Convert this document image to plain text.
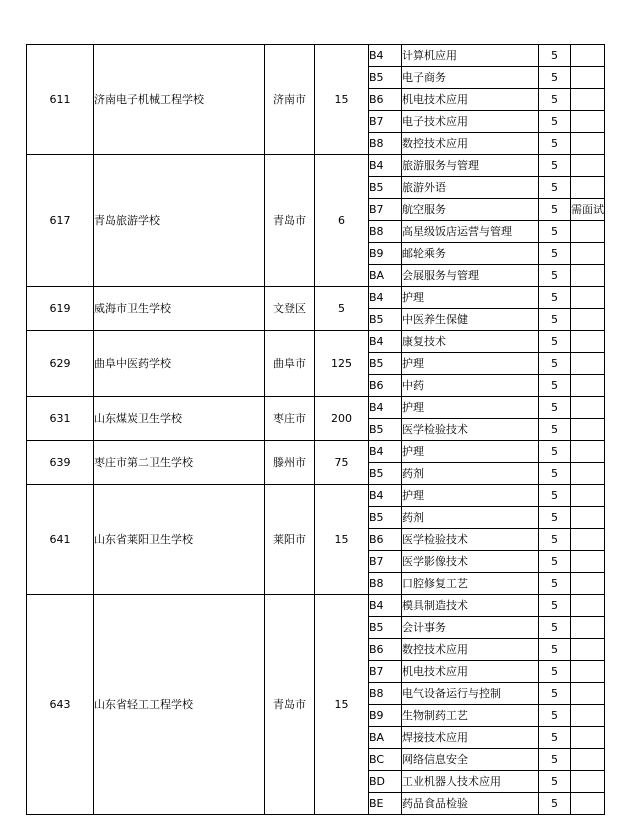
611	济南电子机械工程学校	济南市	15	B4	计算机应用	5	
				B5	电子商务	5	
				B6	机电技术应用	5	
				B7	电子技术应用	5	
				B8	数控技术应用	5	
617	青岛旅游学校	青岛市	6	B4	旅游服务与管理	5	
				B5	旅游外语	5	
				B7	航空服务	5	需面试
				B8	高星级饭店运营与管理	5	
				B9	邮轮乘务	5	
				BA	会展服务与管理	5	
619	威海市卫生学校	文登区	5	B4	护理	5	
				B5	中医养生保健	5	
629	曲阜中医药学校	曲阜市	125	B4	康复技术	5	
				B5	护理	5	
				B6	中药	5	
631	山东煤炭卫生学校	枣庄市	200	B4	护理	5	
				B5	医学检验技术	5	
639	枣庄市第二卫生学校	滕州市	75	B4	护理	5	
				B5	药剂	5	
641	山东省莱阳卫生学校	莱阳市	15	B4	护理	5	
				B5	药剂	5	
				B6	医学检验技术	5	
				B7	医学影像技术	5	
				B8	口腔修复工艺	5	
643	山东省轻工工程学校	青岛市	15	B4	模具制造技术	5	
				B5	会计事务	5	
				B6	数控技术应用	5	
				B7	机电技术应用	5	
				B8	电气设备运行与控制	5	
				B9	生物制药工艺	5	
				BA	焊接技术应用	5	
				BC	网络信息安全	5	
				BD	工业机器人技术应用	5	
				BE	药品食品检验	5	
